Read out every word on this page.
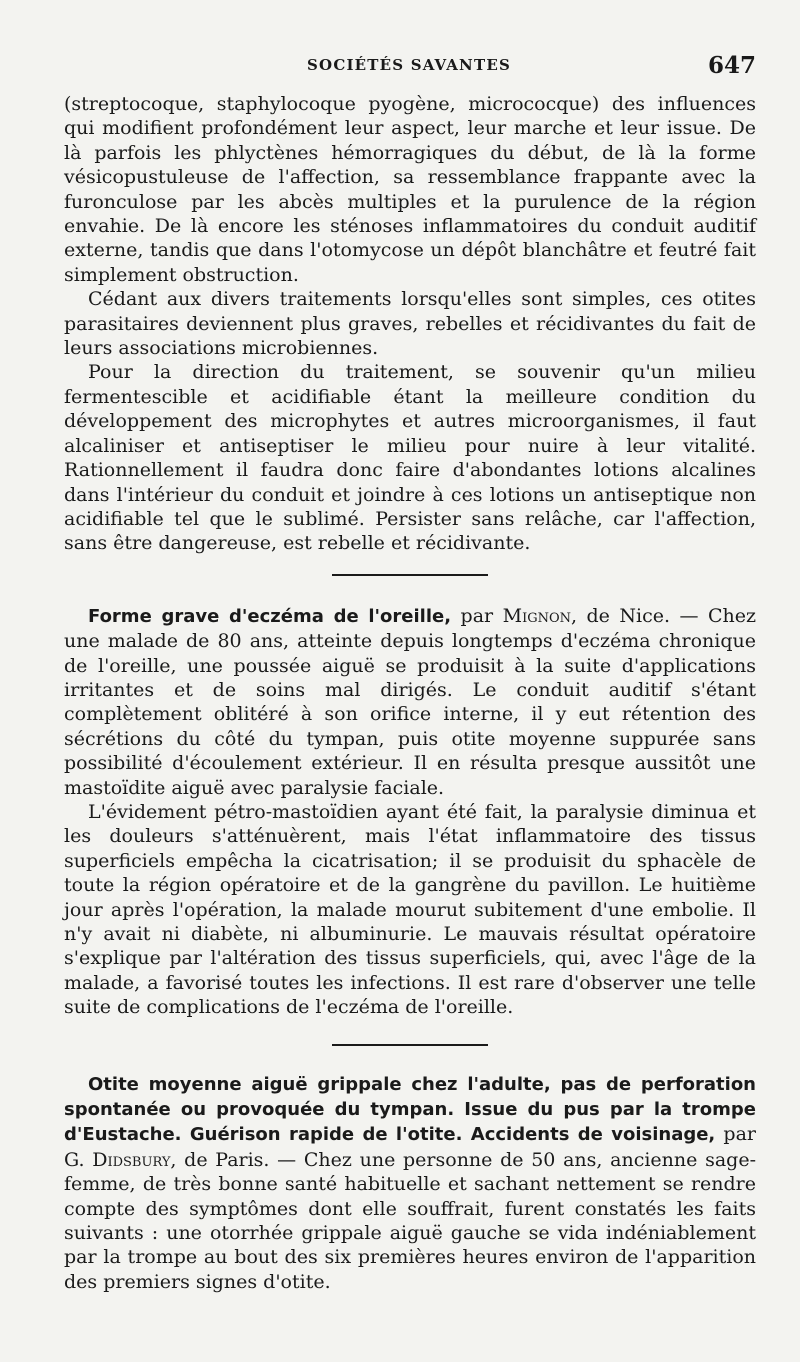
SOCIÉTÉS SAVANTES	647

(streptocoque, staphylocoque pyogène, micrococque) des influences qui modifient profondément leur aspect, leur marche et leur issue. De là parfois les phlyctènes hémorragiques du début, de là la forme vésicopustuleuse de l'affection, sa ressemblance frappante avec la furonculose par les abcès multiples et la purulence de la région envahie. De là encore les sténoses inflammatoires du conduit auditif externe, tandis que dans l'otomycose un dépôt blanchâtre et feutré fait simplement obstruction.

Cédant aux divers traitements lorsqu'elles sont simples, ces otites parasitaires deviennent plus graves, rebelles et récidivantes du fait de leurs associations microbiennes.

Pour la direction du traitement, se souvenir qu'un milieu fermentescible et acidifiable étant la meilleure condition du développement des microphytes et autres microorganismes, il faut alcaliniser et antiseptiser le milieu pour nuire à leur vitalité. Rationnellement il faudra donc faire d'abondantes lotions alcalines dans l'intérieur du conduit et joindre à ces lotions un antiseptique non acidifiable tel que le sublimé. Persister sans relâche, car l'affection, sans être dangereuse, est rebelle et récidivante.

Forme grave d'eczéma de l'oreille, par Mignon, de Nice. — Chez une malade de 80 ans, atteinte depuis longtemps d'eczéma chronique de l'oreille, une poussée aiguë se produisit à la suite d'applications irritantes et de soins mal dirigés. Le conduit auditif s'étant complètement oblitéré à son orifice interne, il y eut rétention des sécrétions du côté du tympan, puis otite moyenne suppurée sans possibilité d'écoulement extérieur. Il en résulta presque aussitôt une mastoïdite aiguë avec paralysie faciale.

L'évidement pétro-mastoïdien ayant été fait, la paralysie diminua et les douleurs s'atténuèrent, mais l'état inflammatoire des tissus superficiels empêcha la cicatrisation; il se produisit du sphacèle de toute la région opératoire et de la gangrène du pavillon. Le huitième jour après l'opération, la malade mourut subitement d'une embolie. Il n'y avait ni diabète, ni albuminurie. Le mauvais résultat opératoire s'explique par l'altération des tissus superficiels, qui, avec l'âge de la malade, a favorisé toutes les infections. Il est rare d'observer une telle suite de complications de l'eczéma de l'oreille.

Otite moyenne aiguë grippale chez l'adulte, pas de perforation spontanée ou provoquée du tympan. Issue du pus par la trompe d'Eustache. Guérison rapide de l'otite. Accidents de voisinage, par G. Didsbury, de Paris. — Chez une personne de 50 ans, ancienne sage-femme, de très bonne santé habituelle et sachant nettement se rendre compte des symptômes dont elle souffrait, furent constatés les faits suivants : une otorrhée grippale aiguë gauche se vida indéniablement par la trompe au bout des six premières heures environ de l'apparition des premiers signes d'otite.
